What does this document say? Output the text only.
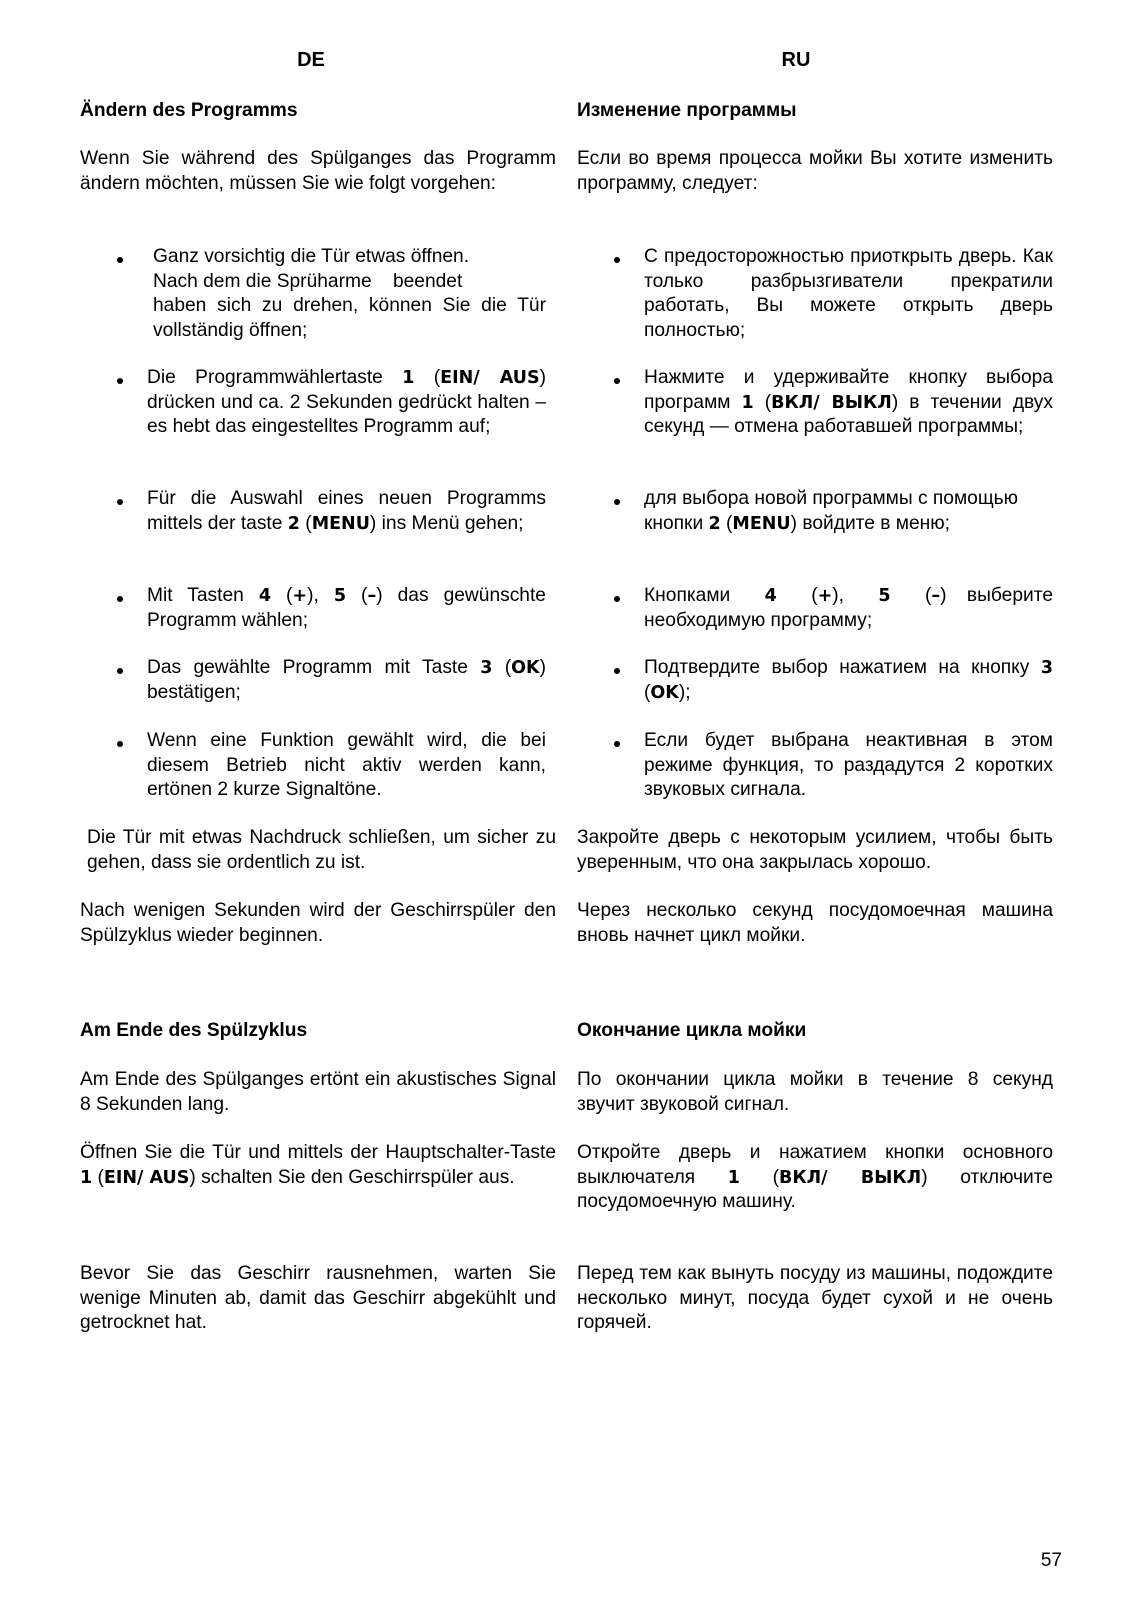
DE	RU
Ändern des Programms
Wenn Sie während des Spülganges das Programm ändern möchten, müssen Sie wie folgt vorgehen:
Ganz vorsichtig die Tür etwas öffnen.
Nach dem die Sprüharme    beendet
haben sich zu drehen, können Sie die Tür vollständig öffnen;
Die Programmwählertaste 1 (EIN/ AUS) drücken und ca. 2 Sekunden gedrückt halten – es hebt das eingestelltes Programm auf;
Für die Auswahl eines neuen Programms mittels der taste 2 (MENU) ins Menü gehen;
Mit Tasten 4 (+), 5 (–) das gewünschte Programm wählen;
Das gewählte Programm mit Taste 3 (OK)
bestätigen;
Wenn eine Funktion gewählt wird, die bei diesem Betrieb nicht aktiv werden kann, ertönen 2 kurze Signaltöne.
Die Tür mit etwas Nachdruck schließen, um sicher zu gehen, dass sie ordentlich zu ist.
Nach wenigen Sekunden wird der Geschirrspüler den Spülzyklus wieder beginnen.
Am Ende des Spülzyklus
Am Ende des Spülganges ertönt ein akustisches Signal 8 Sekunden lang.
Öffnen Sie die Tür und mittels der Hauptschalter-Taste 1 (EIN/ AUS) schalten Sie den Geschirrspüler aus.
Bevor Sie das Geschirr rausnehmen, warten Sie wenige Minuten ab, damit das Geschirr abgekühlt und getrocknet hat.
Изменение программы
Если во время процесса мойки Вы хотите изменить программу, следует:
С предосторожностью приоткрыть дверь. Как только разбрызгиватели прекратили работать, Вы можете открыть дверь полностью;
Нажмите и удерживайте кнопку выбора программ 1 (ВКЛ/ ВЫКЛ) в течении двух секунд — отмена работавшей программы;
для выбора новой программы с помощью кнопки 2 (MENU) войдите в меню;
Кнопками 4 (+), 5 (–) выберите необходимую программу;
Подтвердите выбор нажатием на кнопку 3 (OK);
Если будет выбрана неактивная в этом режиме функция, то раздадутся 2 коротких звуковых сигнала.
Закройте дверь с некоторым усилием, чтобы быть уверенным, что она закрылась хорошо.
Через несколько секунд посудомоечная машина вновь начнет цикл мойки.
Окончание цикла мойки
По окончании цикла мойки в течение 8 секунд звучит звуковой сигнал.
Откройте дверь и нажатием кнопки основного выключателя 1 (ВКЛ/ ВЫКЛ) отключите посудомоечную машину.
Перед тем как вынуть посуду из машины, подождите несколько минут, посуда будет сухой и не очень горячей.
57
